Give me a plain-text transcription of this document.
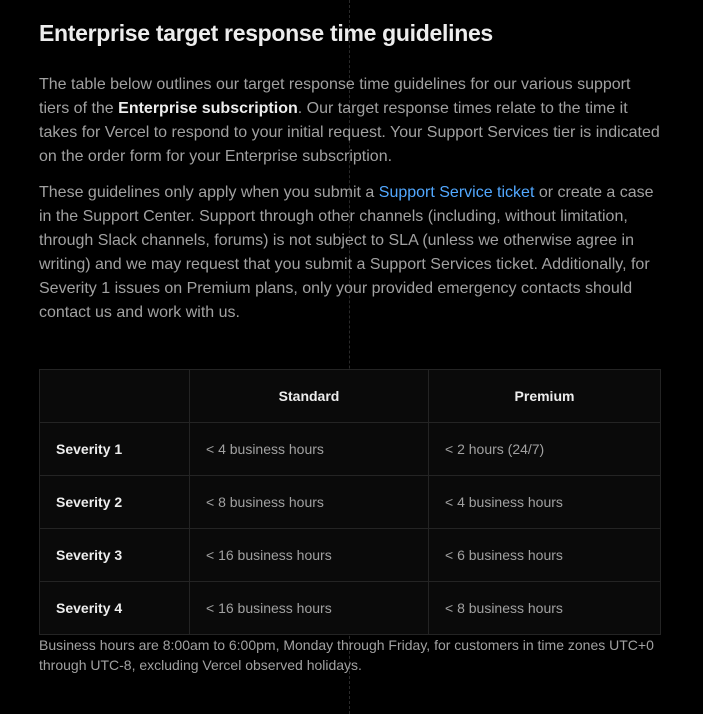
Enterprise target response time guidelines

The table below outlines our target response time guidelines for our various support tiers of the Enterprise subscription. Our target response times relate to the time it takes for Vercel to respond to your initial request. Your Support Services tier is indicated on the order form for your Enterprise subscription.

These guidelines only apply when you submit a Support Service ticket or create a case in the Support Center. Support through other channels (including, without limitation, through Slack channels, forums) is not subject to SLA (unless we otherwise agree in writing) and we may request that you submit a Support Services ticket. Additionally, for Severity 1 issues on Premium plans, only your provided emergency contacts should contact us and work with us.

	Standard	Premium
Severity 1	< 4 business hours	< 2 hours (24/7)
Severity 2	< 8 business hours	< 4 business hours
Severity 3	< 16 business hours	< 6 business hours
Severity 4	< 16 business hours	< 8 business hours
Business hours are 8:00am to 6:00pm, Monday through Friday, for customers in time zones UTC+0 through UTC-8, excluding Vercel observed holidays.
